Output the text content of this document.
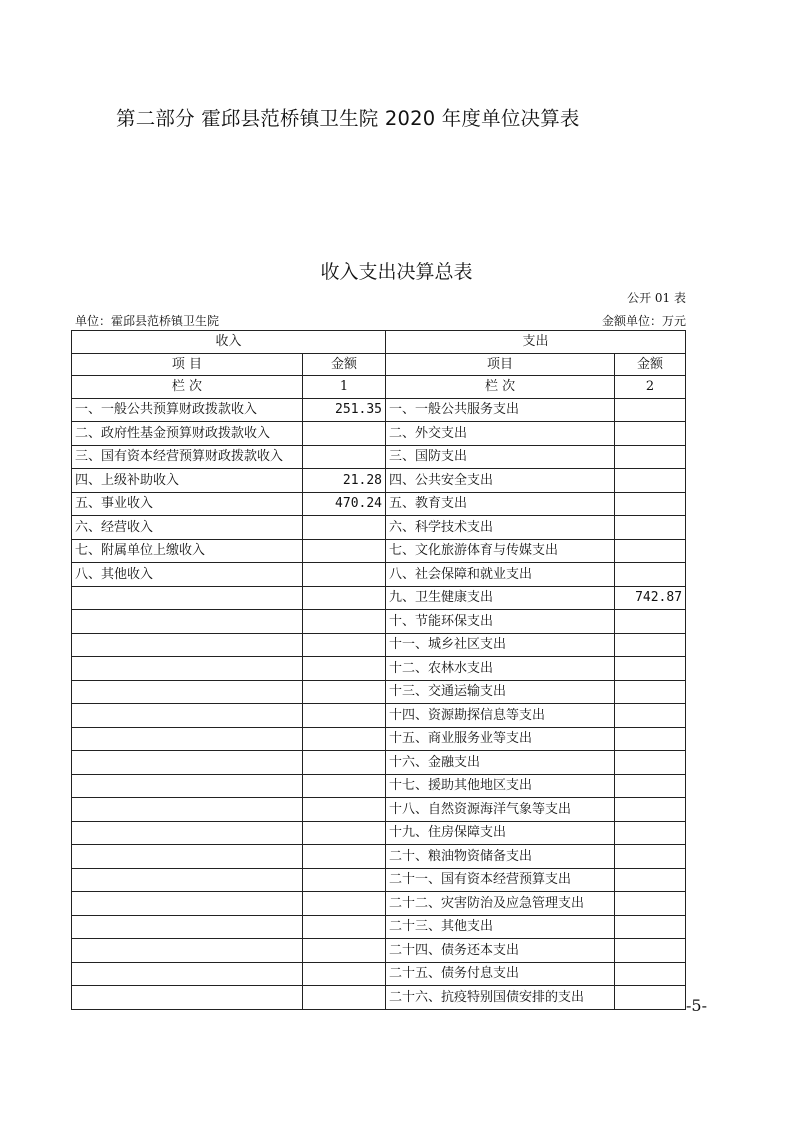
第二部分 霍邱县范桥镇卫生院 2020 年度单位决算表
收入支出决算总表
公开 01 表
单位：霍邱县范桥镇卫生院	金额单位：万元
收入		支出	
项 目	金额	项目	金额
栏 次	1	栏 次	2
一、一般公共预算财政拨款收入	251.35	一、一般公共服务支出	
二、政府性基金预算财政拨款收入		二、外交支出	
三、国有资本经营预算财政拨款收入		三、国防支出	
四、上级补助收入	21.28	四、公共安全支出	
五、事业收入	470.24	五、教育支出	
六、经营收入		六、科学技术支出	
七、附属单位上缴收入		七、文化旅游体育与传媒支出	
八、其他收入		八、社会保障和就业支出	
		九、卫生健康支出	742.87
		十、节能环保支出	
		十一、城乡社区支出	
		十二、农林水支出	
		十三、交通运输支出	
		十四、资源勘探信息等支出	
		十五、商业服务业等支出	
		十六、金融支出	
		十七、援助其他地区支出	
		十八、自然资源海洋气象等支出	
		十九、住房保障支出	
		二十、粮油物资储备支出	
		二十一、国有资本经营预算支出	
		二十二、灾害防治及应急管理支出	
		二十三、其他支出	
		二十四、债务还本支出	
		二十五、债务付息支出	
		二十六、抗疫特别国债安排的支出		-5-
